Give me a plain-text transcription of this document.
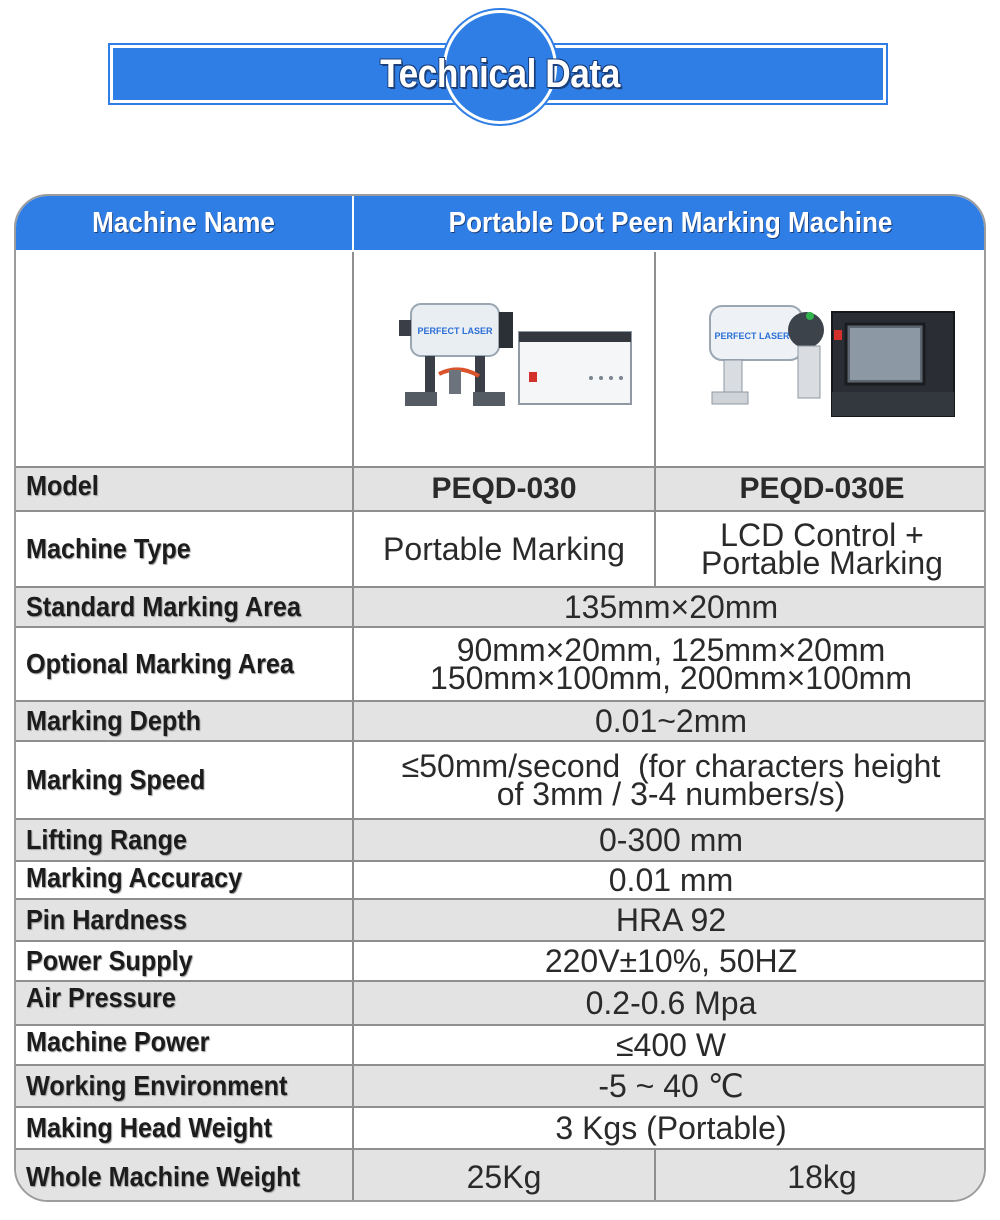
Technical Data
Machine Name	Portable Dot Peen Marking Machine
PERFECT LASER	PERFECT LASER
Model	PEQD-030	PEQD-030E
Machine Type	Portable Marking	LCD Control +
Portable Marking
Standard Marking Area	135mm×20mm
Optional Marking Area	90mm×20mm, 125mm×20mm
150mm×100mm, 200mm×100mm
Marking Depth	0.01~2mm
Marking Speed	≤50mm/second  (for characters height
of 3mm / 3-4 numbers/s)
Lifting Range	0-300 mm
Marking Accuracy	0.01 mm
Pin Hardness	HRA 92
Power Supply	220V±10%, 50HZ
Air Pressure	0.2-0.6 Mpa
Machine Power	≤400 W
Working Environment	-5 ~ 40 ℃
Making Head Weight	3 Kgs (Portable)
Whole Machine Weight	25Kg	18kg
